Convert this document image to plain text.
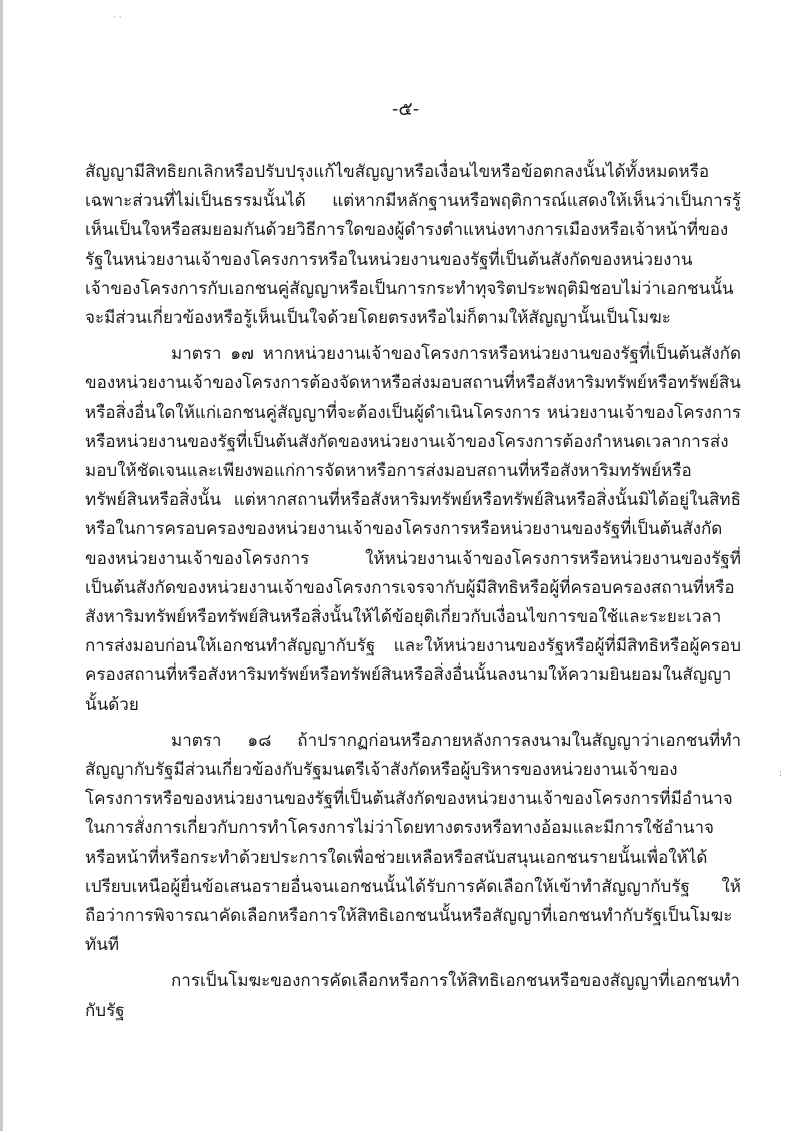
· ·
:
-๕-

สัญญามีสิทธิยกเลิกหรือปรับปรุงแก้ไขสัญญาหรือเงื่อนไขหรือข้อตกลงนั้นได้ทั้งหมดหรือเฉพาะส่วนที่ไม่เป็นธรรมนั้นได้ แต่หากมีหลักฐานหรือพฤติการณ์แสดงให้เห็นว่าเป็นการรู้เห็นเป็นใจหรือสมยอมกันด้วยวิธีการใดของผู้ดำรงตำแหน่งทางการเมืองหรือเจ้าหน้าที่ของรัฐในหน่วยงานเจ้าของโครงการหรือในหน่วยงานของรัฐที่เป็นต้นสังกัดของหน่วยงานเจ้าของโครงการกับเอกชนคู่สัญญาหรือเป็นการกระทำทุจริตประพฤติมิชอบไม่ว่าเอกชนนั้นจะมีส่วนเกี่ยวข้องหรือรู้เห็นเป็นใจด้วยโดยตรงหรือไม่ก็ตามให้สัญญานั้นเป็นโมฆะ

มาตรา ๑๗ หากหน่วยงานเจ้าของโครงการหรือหน่วยงานของรัฐที่เป็นต้นสังกัดของหน่วยงานเจ้าของโครงการต้องจัดหาหรือส่งมอบสถานที่หรือสังหาริมทรัพย์หรือทรัพย์สินหรือสิ่งอื่นใดให้แก่เอกชนคู่สัญญาที่จะต้องเป็นผู้ดำเนินโครงการ หน่วยงานเจ้าของโครงการหรือหน่วยงานของรัฐที่เป็นต้นสังกัดของหน่วยงานเจ้าของโครงการต้องกำหนดเวลาการส่งมอบให้ชัดเจนและเพียงพอแก่การจัดหาหรือการส่งมอบสถานที่หรือสังหาริมทรัพย์หรือทรัพย์สินหรือสิ่งนั้น แต่หากสถานที่หรือสังหาริมทรัพย์หรือทรัพย์สินหรือสิ่งนั้นมิได้อยู่ในสิทธิหรือในการครอบครองของหน่วยงานเจ้าของโครงการหรือหน่วยงานของรัฐที่เป็นต้นสังกัดของหน่วยงานเจ้าของโครงการ ให้หน่วยงานเจ้าของโครงการหรือหน่วยงานของรัฐที่เป็นต้นสังกัดของหน่วยงานเจ้าของโครงการเจรจากับผู้มีสิทธิหรือผู้ที่ครอบครองสถานที่หรือสังหาริมทรัพย์หรือทรัพย์สินหรือสิ่งนั้นให้ได้ข้อยุติเกี่ยวกับเงื่อนไขการขอใช้และระยะเวลาการส่งมอบก่อนให้เอกชนทำสัญญากับรัฐ และให้หน่วยงานของรัฐหรือผู้ที่มีสิทธิหรือผู้ครอบครองสถานที่หรือสังหาริมทรัพย์หรือทรัพย์สินหรือสิ่งอื่นนั้นลงนามให้ความยินยอมในสัญญานั้นด้วย

มาตรา ๑๘ ถ้าปรากฏก่อนหรือภายหลังการลงนามในสัญญาว่าเอกชนที่ทำสัญญากับรัฐมีส่วนเกี่ยวข้องกับรัฐมนตรีเจ้าสังกัดหรือผู้บริหารของหน่วยงานเจ้าของโครงการหรือของหน่วยงานของรัฐที่เป็นต้นสังกัดของหน่วยงานเจ้าของโครงการที่มีอำนาจในการสั่งการเกี่ยวกับการทำโครงการไม่ว่าโดยทางตรงหรือทางอ้อมและมีการใช้อำนาจหรือหน้าที่หรือกระทำด้วยประการใดเพื่อช่วยเหลือหรือสนับสนุนเอกชนรายนั้นเพื่อให้ได้เปรียบเหนือผู้ยื่นข้อเสนอรายอื่นจนเอกชนนั้นได้รับการคัดเลือกให้เข้าทำสัญญากับรัฐ ให้ถือว่าการพิจารณาคัดเลือกหรือการให้สิทธิเอกชนนั้นหรือสัญญาที่เอกชนทำกับรัฐเป็นโมฆะทันที

การเป็นโมฆะของการคัดเลือกหรือการให้สิทธิเอกชนหรือของสัญญาที่เอกชนทำกับรัฐ
